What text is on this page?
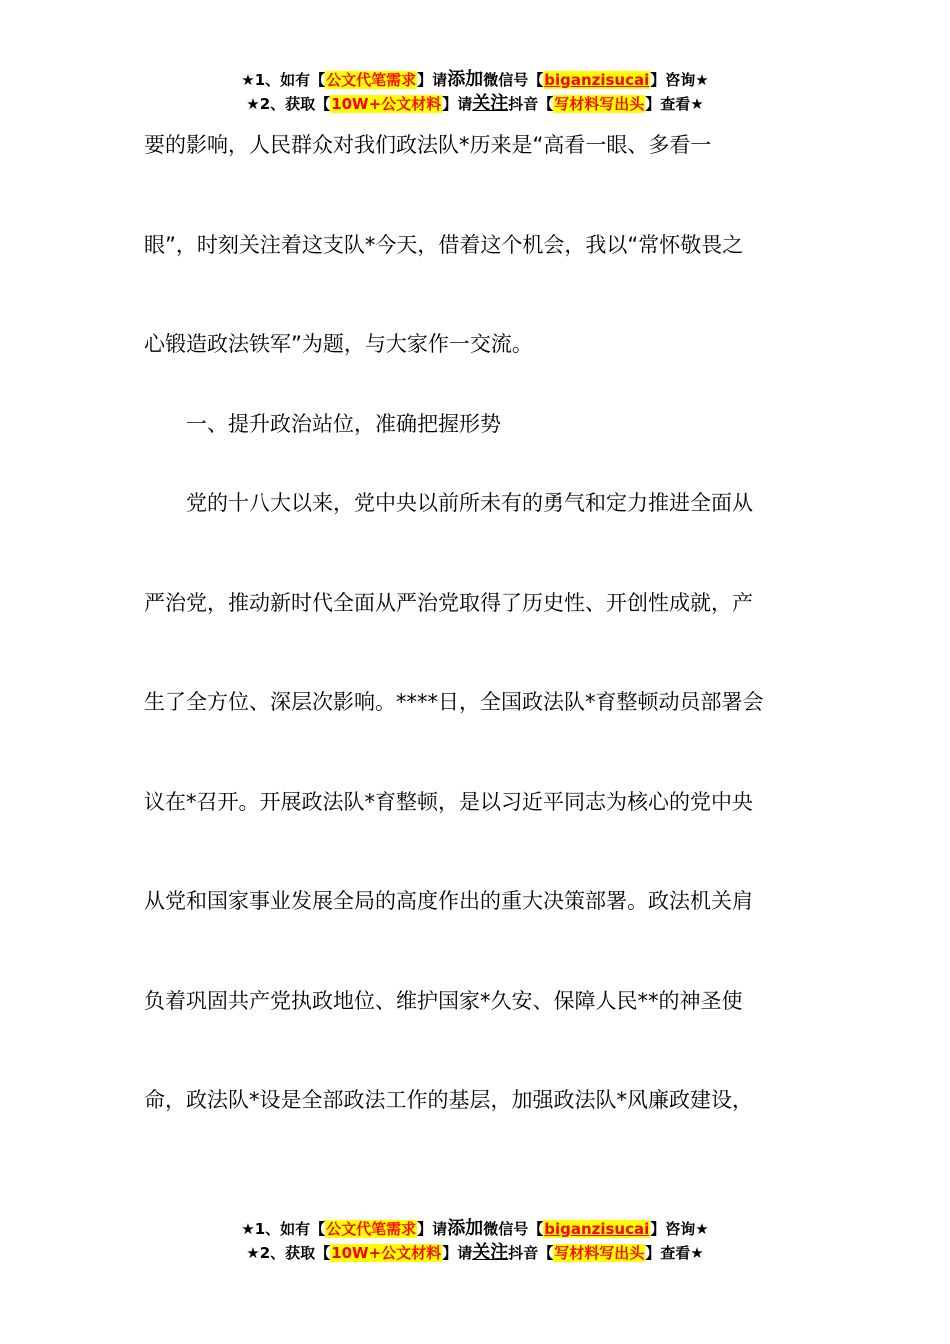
★1、如有【公文代笔需求】请添加微信号【biganzisucai】咨询★
★2、获取【10W+公文材料】请关注抖音【写材料写出头】查看★
要的影响，人民群众对我们政法队*历来是“高看一眼、多看一
眼”，时刻关注着这支队*今天，借着这个机会，我以“常怀敬畏之
心锻造政法铁军”为题，与大家作一交流。
　　一、提升政治站位，准确把握形势
　　党的十八大以来，党中央以前所未有的勇气和定力推进全面从
严治党，推动新时代全面从严治党取得了历史性、开创性成就，产
生了全方位、深层次影响。****日，全国政法队*育整顿动员部署会
议在*召开。开展政法队*育整顿，是以习近平同志为核心的党中央
从党和国家事业发展全局的高度作出的重大决策部署。政法机关肩
负着巩固共产党执政地位、维护国家*久安、保障人民**的神圣使
命，政法队*设是全部政法工作的基层，加强政法队*风廉政建设，
★1、如有【公文代笔需求】请添加微信号【biganzisucai】咨询★
★2、获取【10W+公文材料】请关注抖音【写材料写出头】查看★
